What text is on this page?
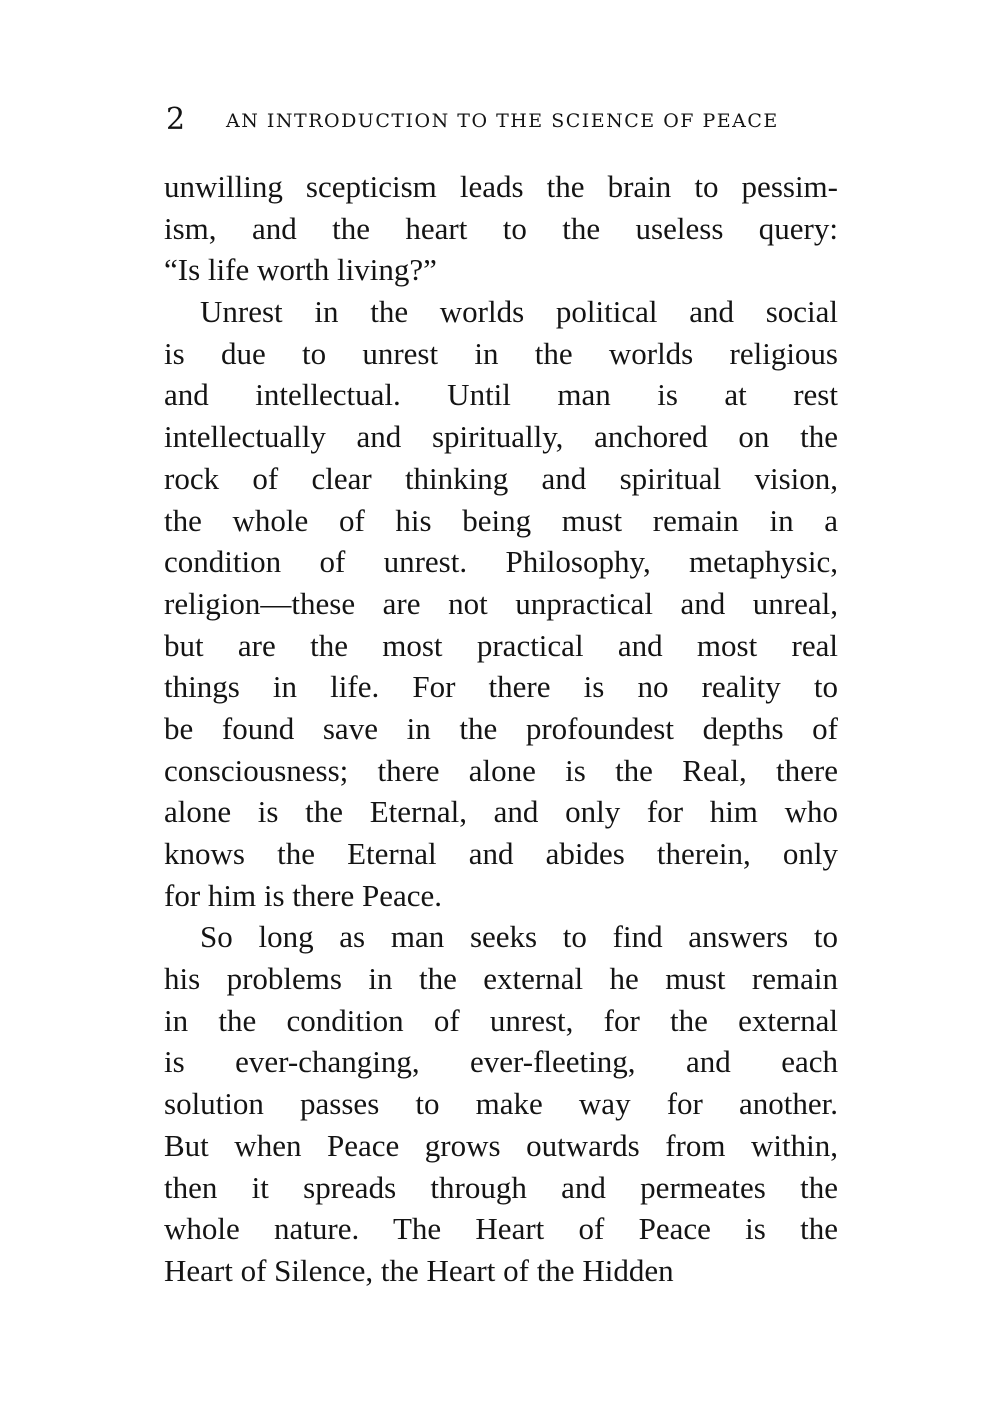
2 AN INTRODUCTION TO THE SCIENCE OF PEACE
unwilling scepticism leads the brain to pessim-
ism, and the heart to the useless query:
“Is life worth living?”
Unrest in the worlds political and social
is due to unrest in the worlds religious
and intellectual. Until man is at rest
intellectually and spiritually, anchored on the
rock of clear thinking and spiritual vision,
the whole of his being must remain in a
condition of unrest. Philosophy, metaphysic,
religion—these are not unpractical and unreal,
but are the most practical and most real
things in life. For there is no reality to
be found save in the profoundest depths of
consciousness; there alone is the Real, there
alone is the Eternal, and only for him who
knows the Eternal and abides therein, only
for him is there Peace.
So long as man seeks to find answers to
his problems in the external he must remain
in the condition of unrest, for the external
is ever-changing, ever-fleeting, and each
solution passes to make way for another.
But when Peace grows outwards from within,
then it spreads through and permeates the
whole nature. The Heart of Peace is the
Heart of Silence, the Heart of the Hidden
